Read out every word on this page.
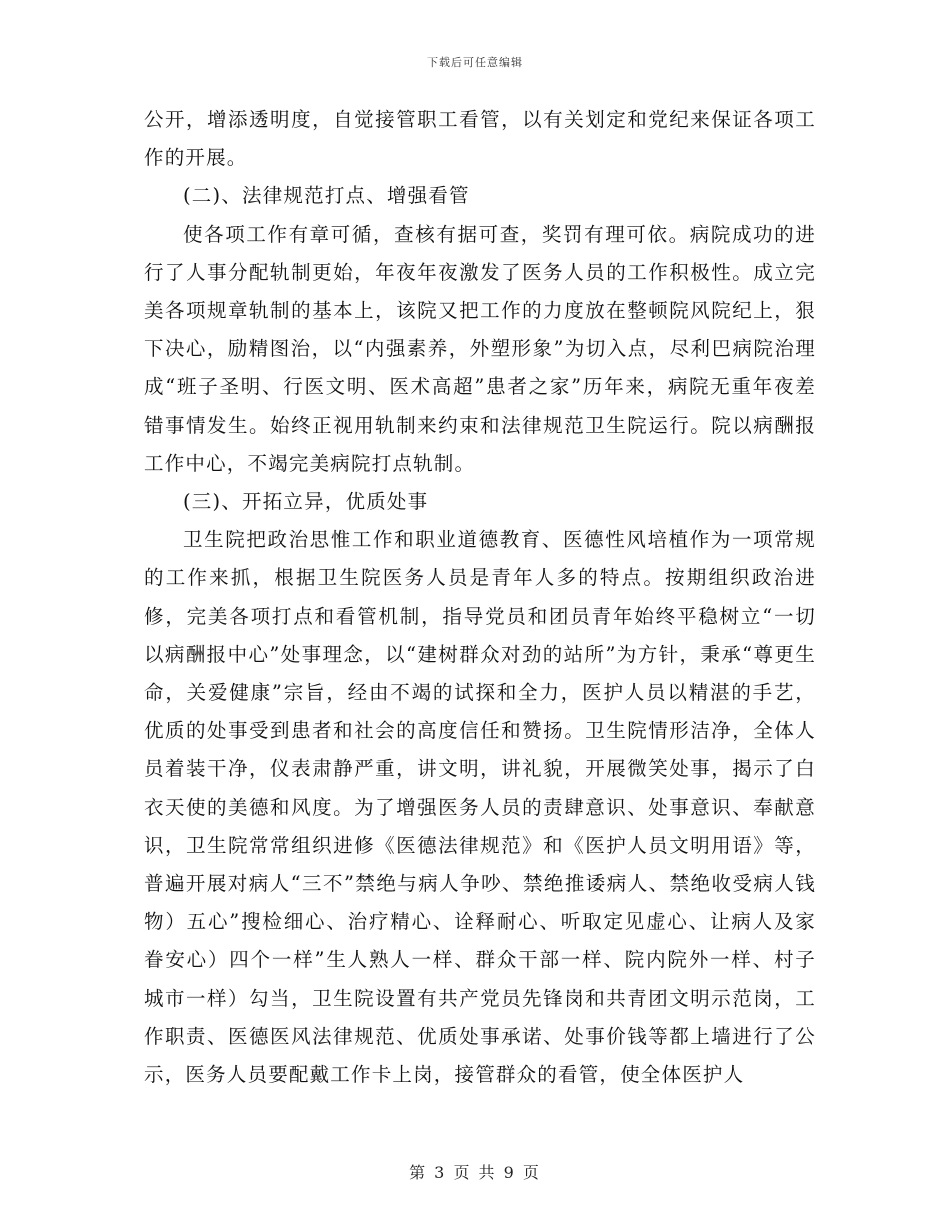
下载后可任意编辑

公开，增添透明度，自觉接管职工看管，以有关划定和党纪来保证各项工作的开展。

(二)、法律规范打点、增强看管

使各项工作有章可循，查核有据可查，奖罚有理可依。病院成功的进行了人事分配轨制更始，年夜年夜激发了医务人员的工作积极性。成立完美各项规章轨制的基本上，该院又把工作的力度放在整顿院风院纪上，狠下决心，励精图治，以“内强素养，外塑形象”为切入点，尽利巴病院治理成“班子圣明、行医文明、医术高超”患者之家”历年来，病院无重年夜差错事情发生。始终正视用轨制来约束和法律规范卫生院运行。院以病酬报工作中心，不竭完美病院打点轨制。

(三)、开拓立异，优质处事

卫生院把政治思惟工作和职业道德教育、医德性风培植作为一项常规的工作来抓，根据卫生院医务人员是青年人多的特点。按期组织政治进修，完美各项打点和看管机制，指导党员和团员青年始终平稳树立“一切以病酬报中心”处事理念，以“建树群众对劲的站所”为方针，秉承“尊更生命，关爱健康”宗旨，经由不竭的试探和全力，医护人员以精湛的手艺，优质的处事受到患者和社会的高度信任和赞扬。卫生院情形洁净，全体人员着装干净，仪表肃静严重，讲文明，讲礼貌，开展微笑处事，揭示了白衣天使的美德和风度。为了增强医务人员的责肆意识、处事意识、奉献意识，卫生院常常组织进修《医德法律规范》和《医护人员文明用语》等，普遍开展对病人“三不”禁绝与病人争吵、禁绝推诿病人、禁绝收受病人钱物）五心”搜检细心、治疗精心、诠释耐心、听取定见虚心、让病人及家眷安心）四个一样”生人熟人一样、群众干部一样、院内院外一样、村子城市一样）勾当，卫生院设置有共产党员先锋岗和共青团文明示范岗，工作职责、医德医风法律规范、优质处事承诺、处事价钱等都上墙进行了公示，医务人员要配戴工作卡上岗，接管群众的看管，使全体医护人

第 3 页 共 9 页
